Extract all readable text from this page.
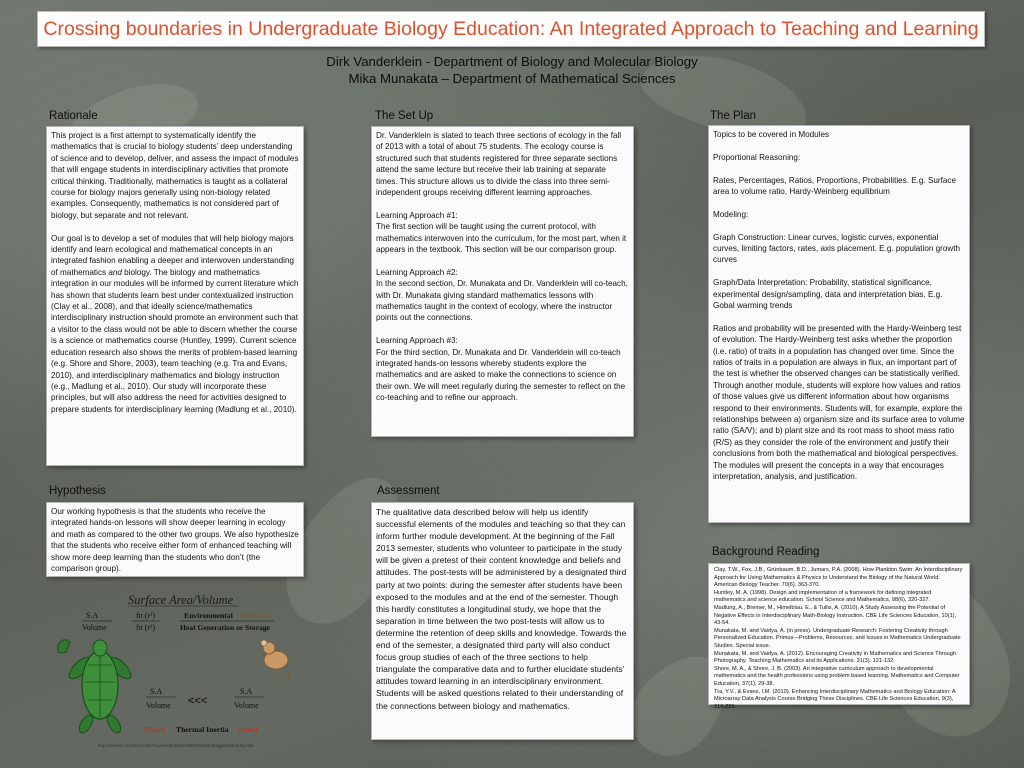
Crossing boundaries in Undergraduate Biology Education: An Integrated Approach to Teaching and Learning
Dirk Vanderklein - Department of Biology and Molecular Biology
Mika Munakata – Department of Mathematical Sciences
Rationale

This project is a first attempt to systematically identify the mathematics that is crucial to biology students’ deep understanding of science and to develop, deliver, and assess the impact of modules that will engage students in interdisciplinary activities that promote critical thinking. Traditionally, mathematics is taught as a collateral course for biology majors generally using non-biology related examples. Consequently, mathematics is not considered part of biology, but separate and not relevant.

Our goal is to develop a set of modules that will help biology majors identify and learn ecological and mathematical concepts in an integrated fashion enabling a deeper and interwoven understanding of mathematics and biology. The biology and mathematics integration in our modules will be informed by current literature which has shown that students learn best under contextualized instruction (Clay et al., 2008), and that ideally science/mathematics interdisciplinary instruction should promote an environment such that a visitor to the class would not be able to discern whether the course is a science or mathematics course (Huntley, 1999). Current science education research also shows the merits of problem-based learning (e.g. Shore and Shore, 2003), team teaching (e.g. Tra and Evans, 2010), and interdisciplinary mathematics and biology instruction (e.g., Madlung et al., 2010). Our study will incorporate these principles, but will also address the need for activities designed to prepare students for interdisciplinary learning (Madlung et al., 2010).

The Set Up

Dr. Vanderklein is slated to teach three sections of ecology in the fall of 2013 with a total of about 75 students. The ecology course is structured such that students registered for three separate sections attend the same lecture but receive their lab training at separate times. This structure allows us to divide the class into three semi-independent groups receiving different learning approaches.

Learning Approach #1:
The first section will be taught using the current protocol, with mathematics interwoven into the curriculum, for the most part, when it appears in the textbook. This section will be our comparison group.

Learning Approach #2:
In the second section, Dr. Munakata and Dr. Vanderklein will co-teach, with Dr. Munakata giving standard mathematics lessons with mathematics taught in the context of ecology, where the instructor points out the connections.

Learning Approach #3:
For the third section, Dr. Munakata and Dr. Vanderklein will co-teach integrated hands-on lessons whereby students explore the mathematics and are asked to make the connections to science on their own. We will meet regularly during the semester to reflect on the co-teaching and to refine our approach.

The Plan

Topics to be covered in Modules

Proportional Reasoning:

Rates, Percentages, Ratios, Proportions, Probabilities. E.g. Surface area to volume ratio, Hardy-Weinberg equilibrium

Modeling:

Graph Construction: Linear curves, logistic curves, exponential curves, limiting factors, rates, axis placement. E.g. population growth curves

Graph/Data Interpretation: Probability, statistical significance, experimental design/sampling, data and interpretation bias. E.g. Gobal warming trends

Ratios and probability will be presented with the Hardy-Weinberg test of evolution. The Hardy-Weinberg test asks whether the proportion (i.e. ratio) of traits in a population has changed over time. Since the ratios of traits in a population are always in flux, an important part of the test is whether the observed changes can be statistically verified. Through another module, students will explore how values and ratios of those values give us different information about how organisms respond to their environments. Students will, for example, explore the relationships between a) organism size and its surface area to volume ratio (SA/V); and b) plant size and its root mass to shoot mass ratio (R/S) as they consider the role of the environment and justify their conclusions from both the mathematical and biological perspectives. The modules will present the concepts in a way that encourages interpretation, analysis, and justification.

Hypothesis

Our working hypothesis is that the students who receive the integrated hands-on lessons will show deeper learning in ecology and math as compared to the other two groups. We also hypothesize that the students who receive either form of enhanced teaching will show more deep learning than the students who don’t (the comparison group).

Assessment

The qualitative data described below will help us identify successful elements of the modules and teaching so that they can inform further module development. At the beginning of the Fall 2013 semester, students who volunteer to participate in the study will be given a pretest of their content knowledge and beliefs and attitudes. The post-tests will be administered by a designated third party at two points: during the semester after students have been exposed to the modules and at the end of the semester. Though this hardly constitutes a longitudinal study, we hope that the separation in time between the two post-tests will allow us to determine the retention of deep skills and knowledge. Towards the end of the semester, a designated third party will also conduct focus group studies of each of the three sections to help triangulate the comparative data and to further elucidate students’ attitudes toward learning in an interdisciplinary environment. Students will be asked questions related to their understanding of the connections between biology and mathematics.

Background Reading

Clay, T.W., Fox, J.B., Grünbaum, B.D., Jumars, P.A. (2008). How Plankton Swim: An Interdisciplinary Approach for Using Mathematics & Physics to Understand the Biology of the Natural World. American Biology Teacher. 70(6). 363-370.

Huntley, M. A. (1998). Design and implementation of a framework for defining integrated mathematics and science education. School Science and Mathematics, 98(6), 320-327.

Madlung, A., Bremer, M., Himelblau, E., & Tullis, A. (2010). A Study Assessing the Potential of Negative Effects in Interdisciplinary Math-Biology Instruction. CBE Life Sciences Education, 10(1), 43-54.

Munakata, M. and Vaidya, A. (in press). Undergraduate Research: Fostering Creativity through Personalized Education. Primus—Problems, Resources, and Issues in Mathematics Undergraduate Studies. Special issue.

Munakata, M. and Vaidya, A. (2012). Encouraging Creativity in Mathematics and Science Through Photography. Teaching Mathematics and its Applications. 31(3). 121-132.

Shore, M. A., & Shore, J. B. (2003). An integrative curriculum approach to developmental mathematics and the health professions using problem based learning. Mathematics and Computer Education, 37(1), 29-38.

Tra, Y.V., & Evans, I.M. (2010). Enhancing Interdisciplinary Mathematics and Biology Education: A Microarray Data Analysis Course Bridging These Disciplines. CBE Life Sciences Education, 9(3), 216-226.

Surface Area/Volume
S.A
Volume
fn (r²)
fn (r³)
Environmental Exposure
Heat Generation or Storage
S.A
Volume <<<
S.A
Volume
(High) Thermal Inertia (Low)
http://www.bio.davidson.edu/Courses/anphys/1999/Crawford/bigger/anthermy.htm
